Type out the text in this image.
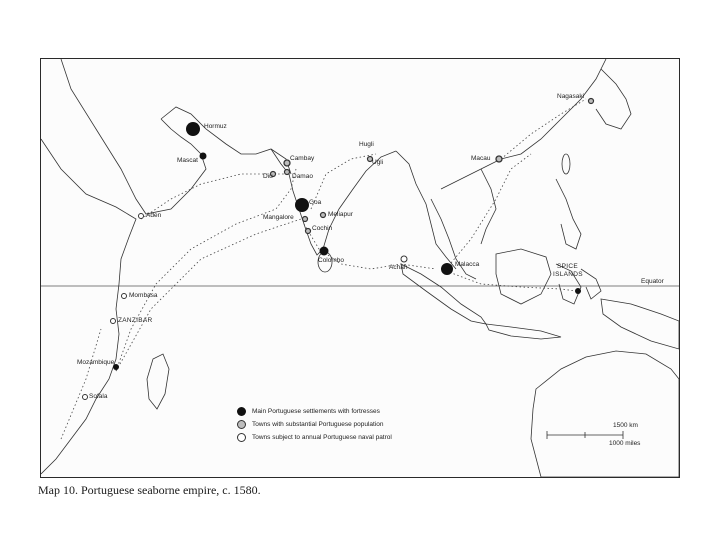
Hormuz
Mascat	Cambay
Diu	Damao
Hugli
Ugli
Goa
Mangalore
Cochin
Meliapur
Colombo
Aden
Achah	Malacca
Macau
Nagasaki
SPICE
ISLANDS
Mombasa
ZANZIBAR
Mozambique
Sofala
Equator
1500 km
1000 miles
Main Portuguese settlements with fortresses
Towns with substantial Portuguese population
Towns subject to annual Portuguese naval patrol
Map 10. Portuguese seaborne empire, c. 1580.
